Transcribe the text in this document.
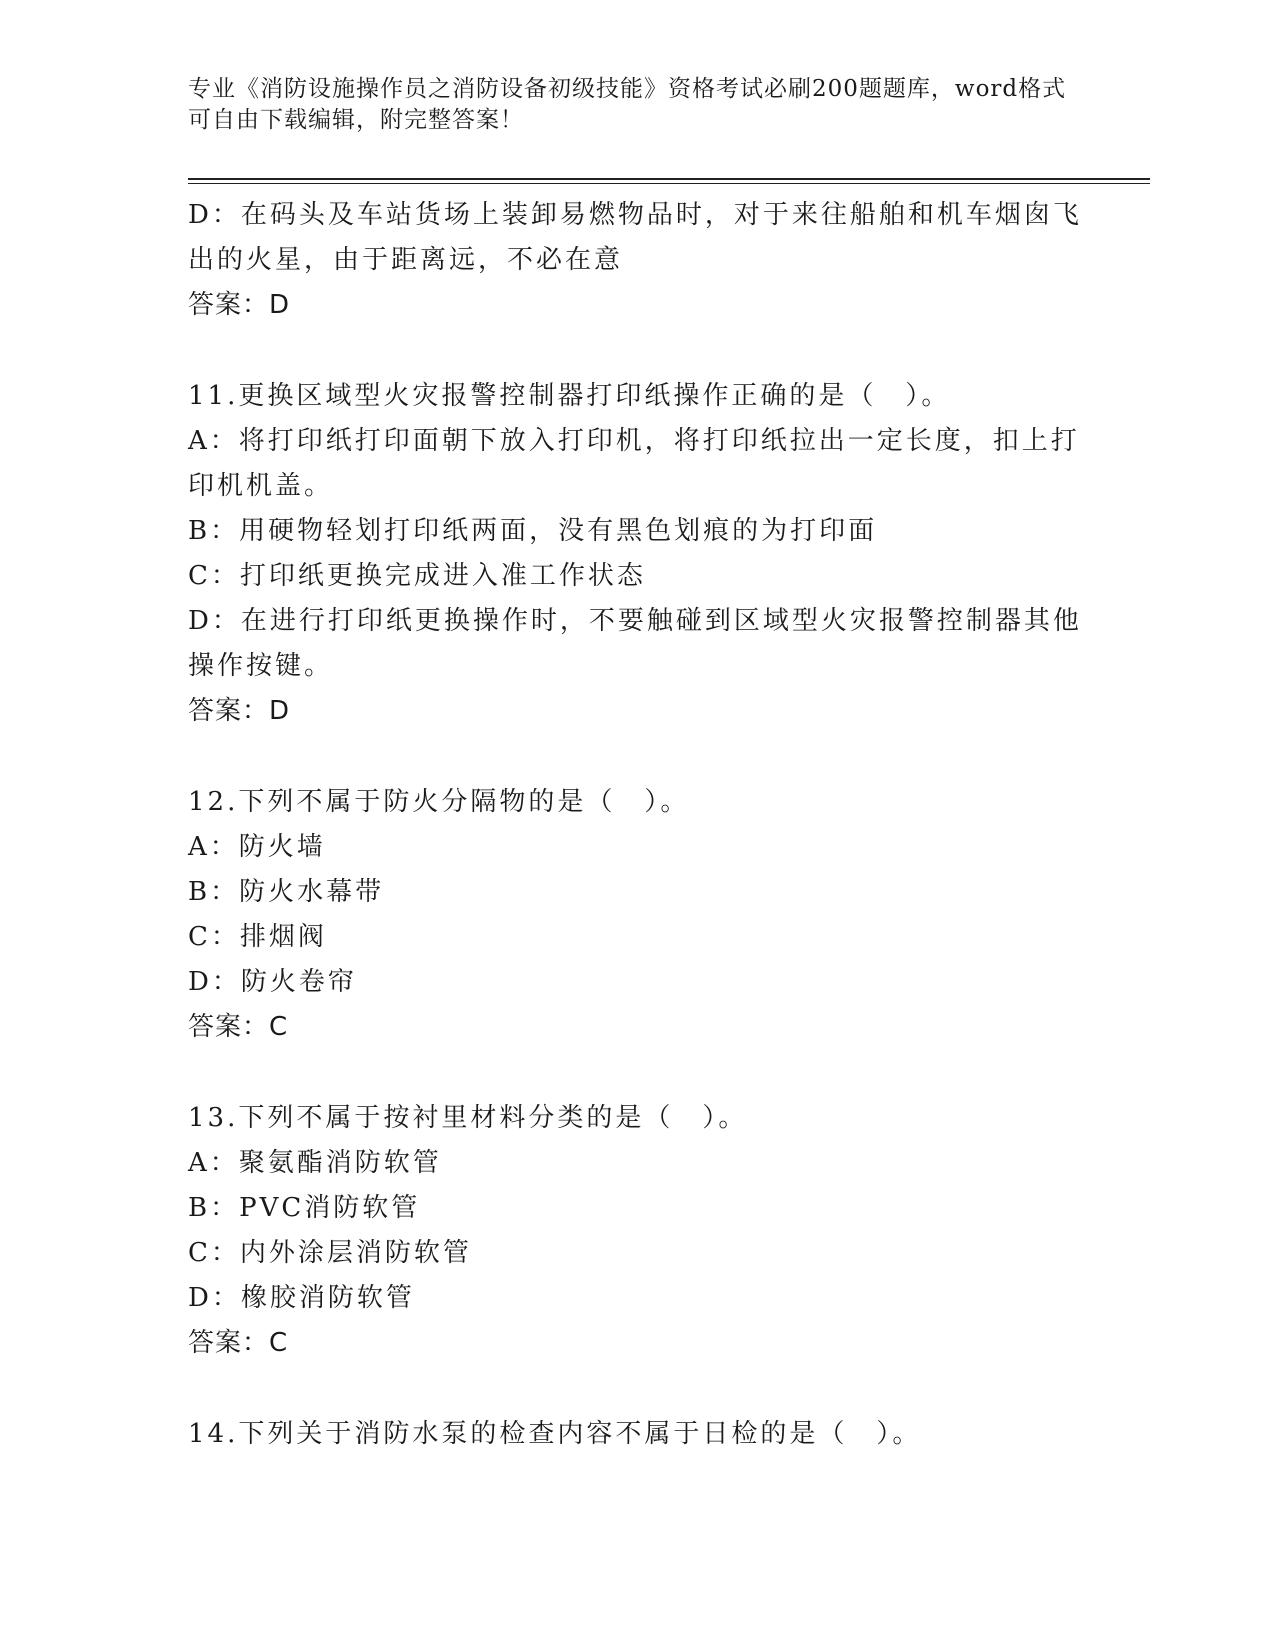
专业《消防设施操作员之消防设备初级技能》资格考试必刷200题题库，word格式可自由下载编辑，附完整答案！
D：在码头及车站货场上装卸易燃物品时，对于来往船舶和机车烟囱飞
出的火星，由于距离远，不必在意
答案：D
11.更换区域型火灾报警控制器打印纸操作正确的是（　）。
A：将打印纸打印面朝下放入打印机，将打印纸拉出一定长度，扣上打
印机机盖。
B：用硬物轻划打印纸两面，没有黑色划痕的为打印面
C：打印纸更换完成进入准工作状态
D：在进行打印纸更换操作时，不要触碰到区域型火灾报警控制器其他
操作按键。
答案：D
12.下列不属于防火分隔物的是（　）。
A：防火墙
B：防火水幕带
C：排烟阀
D：防火卷帘
答案：C
13.下列不属于按衬里材料分类的是（　）。
A：聚氨酯消防软管
B：PVC消防软管
C：内外涂层消防软管
D：橡胶消防软管
答案：C
14.下列关于消防水泵的检查内容不属于日检的是（　）。
